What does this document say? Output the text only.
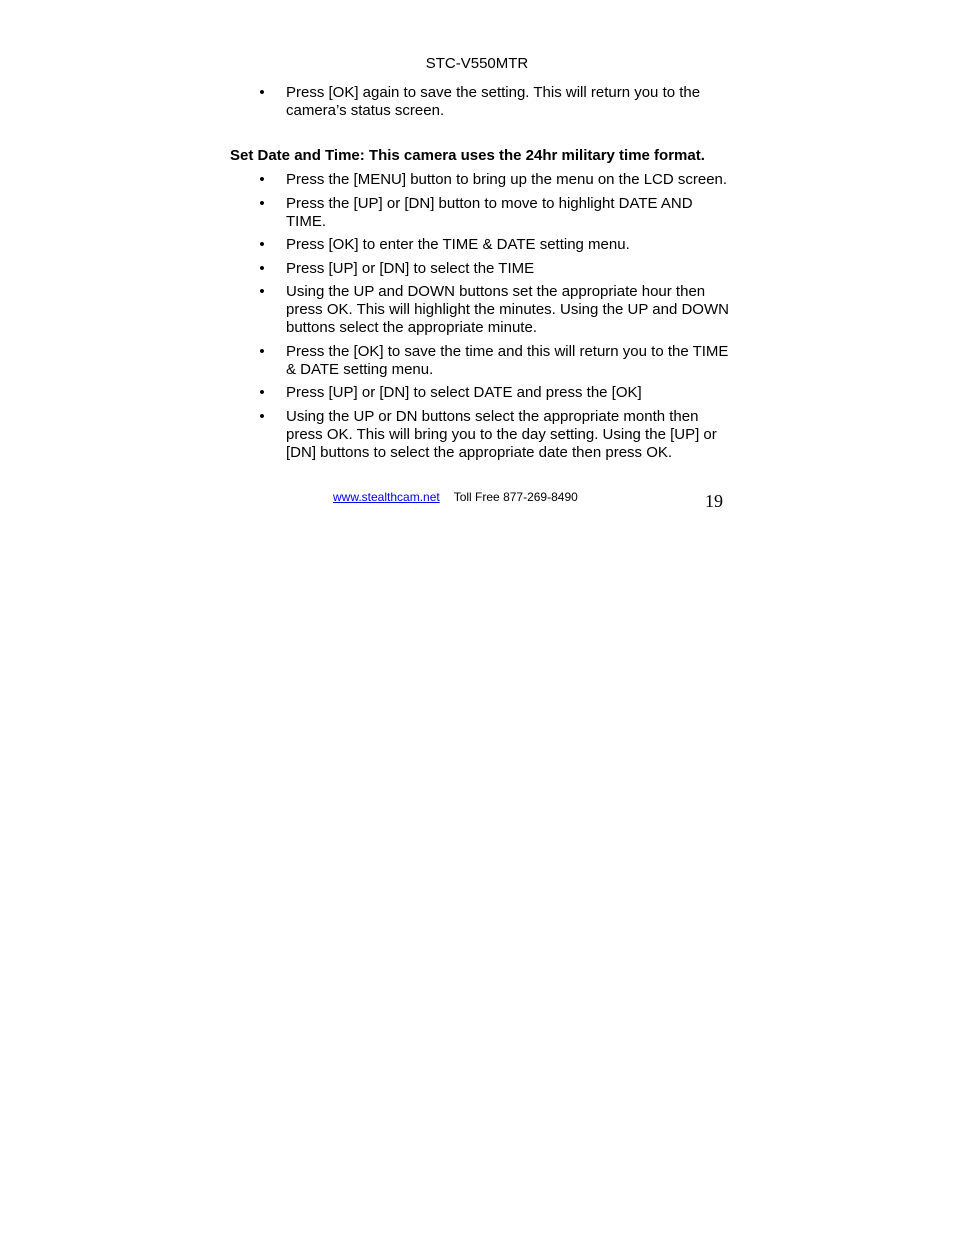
STC-V550MTR
• Press [OK] again to save the setting. This will return you to the camera’s status screen.
Set Date and Time: This camera uses the 24hr military time format.
• Press the [MENU] button to bring up the menu on the LCD screen.
• Press the [UP] or [DN] button to move to highlight DATE AND TIME.
• Press [OK] to enter the TIME & DATE setting menu.
• Press [UP] or [DN] to select the TIME
• Using the UP and DOWN buttons set the appropriate hour then press OK. This will highlight the minutes. Using the UP and DOWN buttons select the appropriate minute.
• Press the [OK] to save the time and this will return you to the TIME & DATE setting menu.
• Press [UP] or [DN] to select DATE and press the [OK]
• Using the UP or DN buttons select the appropriate month then press OK. This will bring you to the day setting. Using the [UP] or [DN] buttons to select the appropriate date then press OK.
www.stealthcam.net Toll Free 877-269-8490	19
